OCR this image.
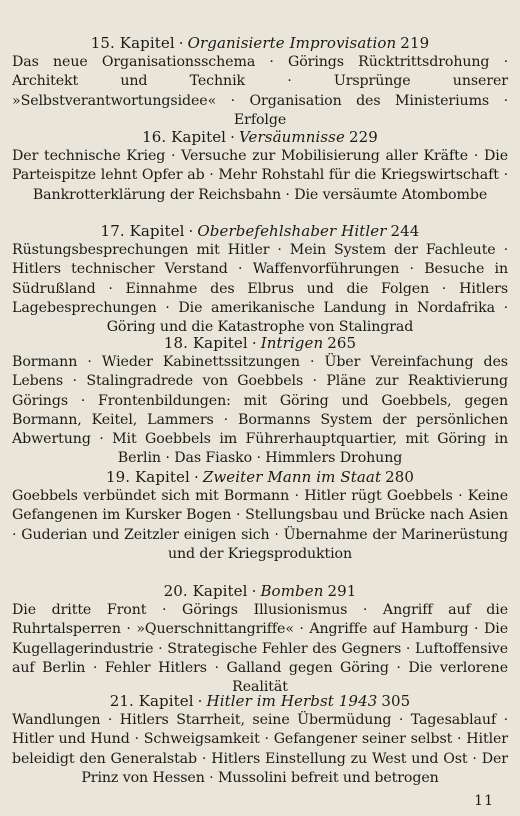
15. Kapitel · Organisierte Improvisation 219
Das neue Organisationsschema · Görings Rücktrittsdrohung · Architekt und Technik · Ursprünge unserer »Selbstverantwortungsidee« · Organisation des Ministeriums · Erfolge
16. Kapitel · Versäumnisse 229
Der technische Krieg · Versuche zur Mobilisierung aller Kräfte · Die Parteispitze lehnt Opfer ab · Mehr Rohstahl für die Kriegswirtschaft · Bankrotterklärung der Reichsbahn · Die versäumte Atombombe
17. Kapitel · Oberbefehlshaber Hitler 244
Rüstungsbesprechungen mit Hitler · Mein System der Fachleute · Hitlers technischer Verstand · Waffenvorführungen · Besuche in Südrußland · Einnahme des Elbrus und die Folgen · Hitlers Lagebesprechungen · Die amerikanische Landung in Nordafrika · Göring und die Katastrophe von Stalingrad
18. Kapitel · Intrigen 265
Bormann · Wieder Kabinettssitzungen · Über Vereinfachung des Lebens · Stalingradrede von Goebbels · Pläne zur Reaktivierung Görings · Frontenbildungen: mit Göring und Goebbels, gegen Bormann, Keitel, Lammers · Bormanns System der persönlichen Abwertung · Mit Goebbels im Führerhauptquartier, mit Göring in Berlin · Das Fiasko · Himmlers Drohung
19. Kapitel · Zweiter Mann im Staat 280
Goebbels verbündet sich mit Bormann · Hitler rügt Goebbels · Keine Gefangenen im Kursker Bogen · Stellungsbau und Brücke nach Asien · Guderian und Zeitzler einigen sich · Übernahme der Marinerüstung und der Kriegsproduktion
20. Kapitel · Bomben 291
Die dritte Front · Görings Illusionismus · Angriff auf die Ruhrtalsperren · »Querschnittangriffe« · Angriffe auf Hamburg · Die Kugellagerindustrie · Strategische Fehler des Gegners · Luftoffensive auf Berlin · Fehler Hitlers · Galland gegen Göring · Die verlorene Realität
21. Kapitel · Hitler im Herbst 1943 305
Wandlungen · Hitlers Starrheit, seine Übermüdung · Tagesablauf · Hitler und Hund · Schweigsamkeit · Gefangener seiner selbst · Hitler beleidigt den Generalstab · Hitlers Einstellung zu West und Ost · Der Prinz von Hessen · Mussolini befreit und betrogen
11
